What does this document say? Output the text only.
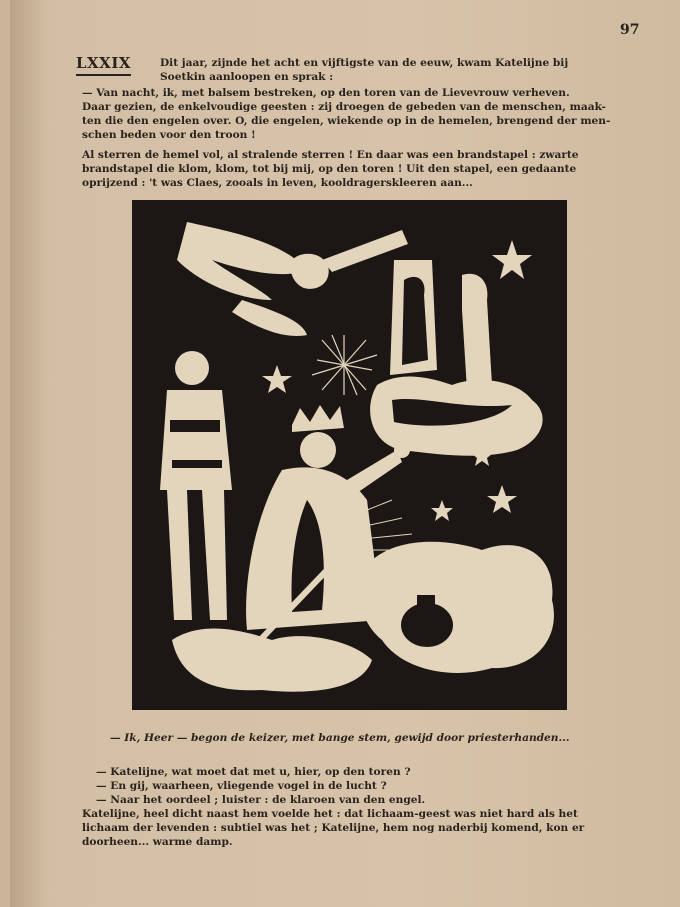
97
LXXIX	Dit jaar, zijnde het acht en vijftigste van de eeuw, kwam Katelijne bij
Soetkin aanloopen en sprak :
— Van nacht, ik, met balsem bestreken, op den toren van de Lievevrouw verheven.
Daar gezien, de enkelvoudige geesten : zij droegen de gebeden van de menschen, maak-
ten die den engelen over. O, die engelen, wiekende op in de hemelen, brengend der men-
schen beden voor den troon !
Al sterren de hemel vol, al stralende sterren ! En daar was een brandstapel : zwarte
brandstapel die klom, klom, tot bij mij, op den toren ! Uit den stapel, een gedaante
oprijzend : 't was Claes, zooals in leven, kooldragerskleeren aan...
— Ik, Heer — begon de keizer, met bange stem, gewijd door priesterhanden...
— Katelijne, wat moet dat met u, hier, op den toren ?
— En gij, waarheen, vliegende vogel in de lucht ?
— Naar het oordeel ; luister : de klaroen van den engel.
Katelijne, heel dicht naast hem voelde het : dat lichaam-geest was niet hard als het
lichaam der levenden : subtiel was het ; Katelijne, hem nog naderbij komend, kon er
doorheen... warme damp.
